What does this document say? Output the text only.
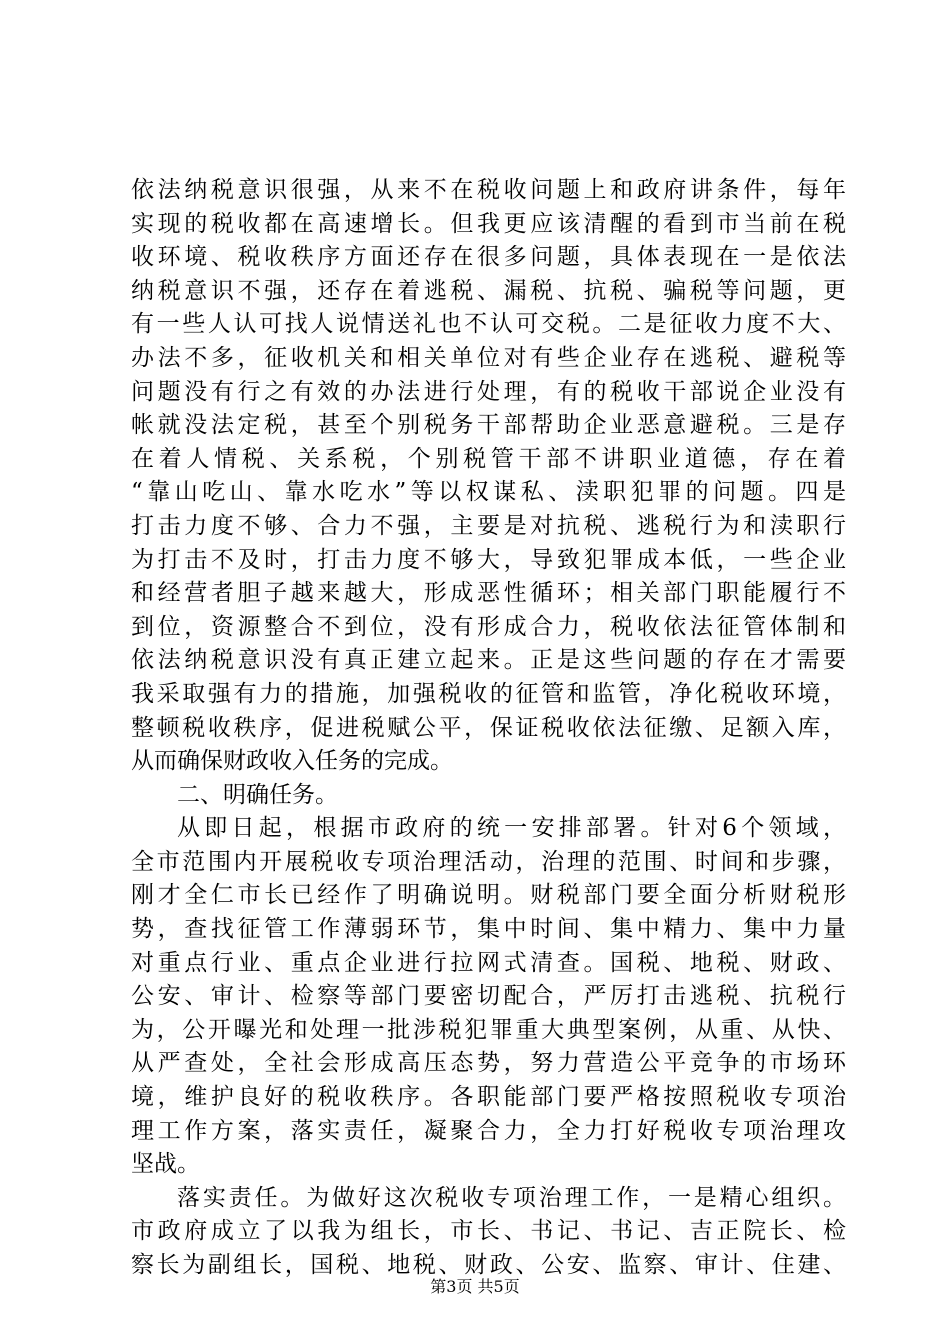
依法纳税意识很强，从来不在税收问题上和政府讲条件，每年
实现的税收都在高速增长。但我更应该清醒的看到市当前在税
收环境、税收秩序方面还存在很多问题，具体表现在一是依法
纳税意识不强，还存在着逃税、漏税、抗税、骗税等问题，更
有一些人认可找人说情送礼也不认可交税。二是征收力度不大、
办法不多，征收机关和相关单位对有些企业存在逃税、避税等
问题没有行之有效的办法进行处理，有的税收干部说企业没有
帐就没法定税，甚至个别税务干部帮助企业恶意避税。三是存
在着人情税、关系税，个别税管干部不讲职业道德，存在着
“靠山吃山、靠水吃水”等以权谋私、渎职犯罪的问题。四是
打击力度不够、合力不强，主要是对抗税、逃税行为和渎职行
为打击不及时，打击力度不够大，导致犯罪成本低，一些企业
和经营者胆子越来越大，形成恶性循环；相关部门职能履行不
到位，资源整合不到位，没有形成合力，税收依法征管体制和
依法纳税意识没有真正建立起来。正是这些问题的存在才需要
我采取强有力的措施，加强税收的征管和监管，净化税收环境，
整顿税收秩序，促进税赋公平，保证税收依法征缴、足额入库，
从而确保财政收入任务的完成。
二、明确任务。
从即日起，根据市政府的统一安排部署。针对6个领域，
全市范围内开展税收专项治理活动，治理的范围、时间和步骤，
刚才全仁市长已经作了明确说明。财税部门要全面分析财税形
势，查找征管工作薄弱环节，集中时间、集中精力、集中力量
对重点行业、重点企业进行拉网式清查。国税、地税、财政、
公安、审计、检察等部门要密切配合，严厉打击逃税、抗税行
为，公开曝光和处理一批涉税犯罪重大典型案例，从重、从快、
从严查处，全社会形成高压态势，努力营造公平竞争的市场环
境，维护良好的税收秩序。各职能部门要严格按照税收专项治
理工作方案，落实责任，凝聚合力，全力打好税收专项治理攻
坚战。
落实责任。为做好这次税收专项治理工作，一是精心组织。
市政府成立了以我为组长，市长、书记、书记、吉正院长、检
察长为副组长，国税、地税、财政、公安、监察、审计、住建、
第3页 共5页
